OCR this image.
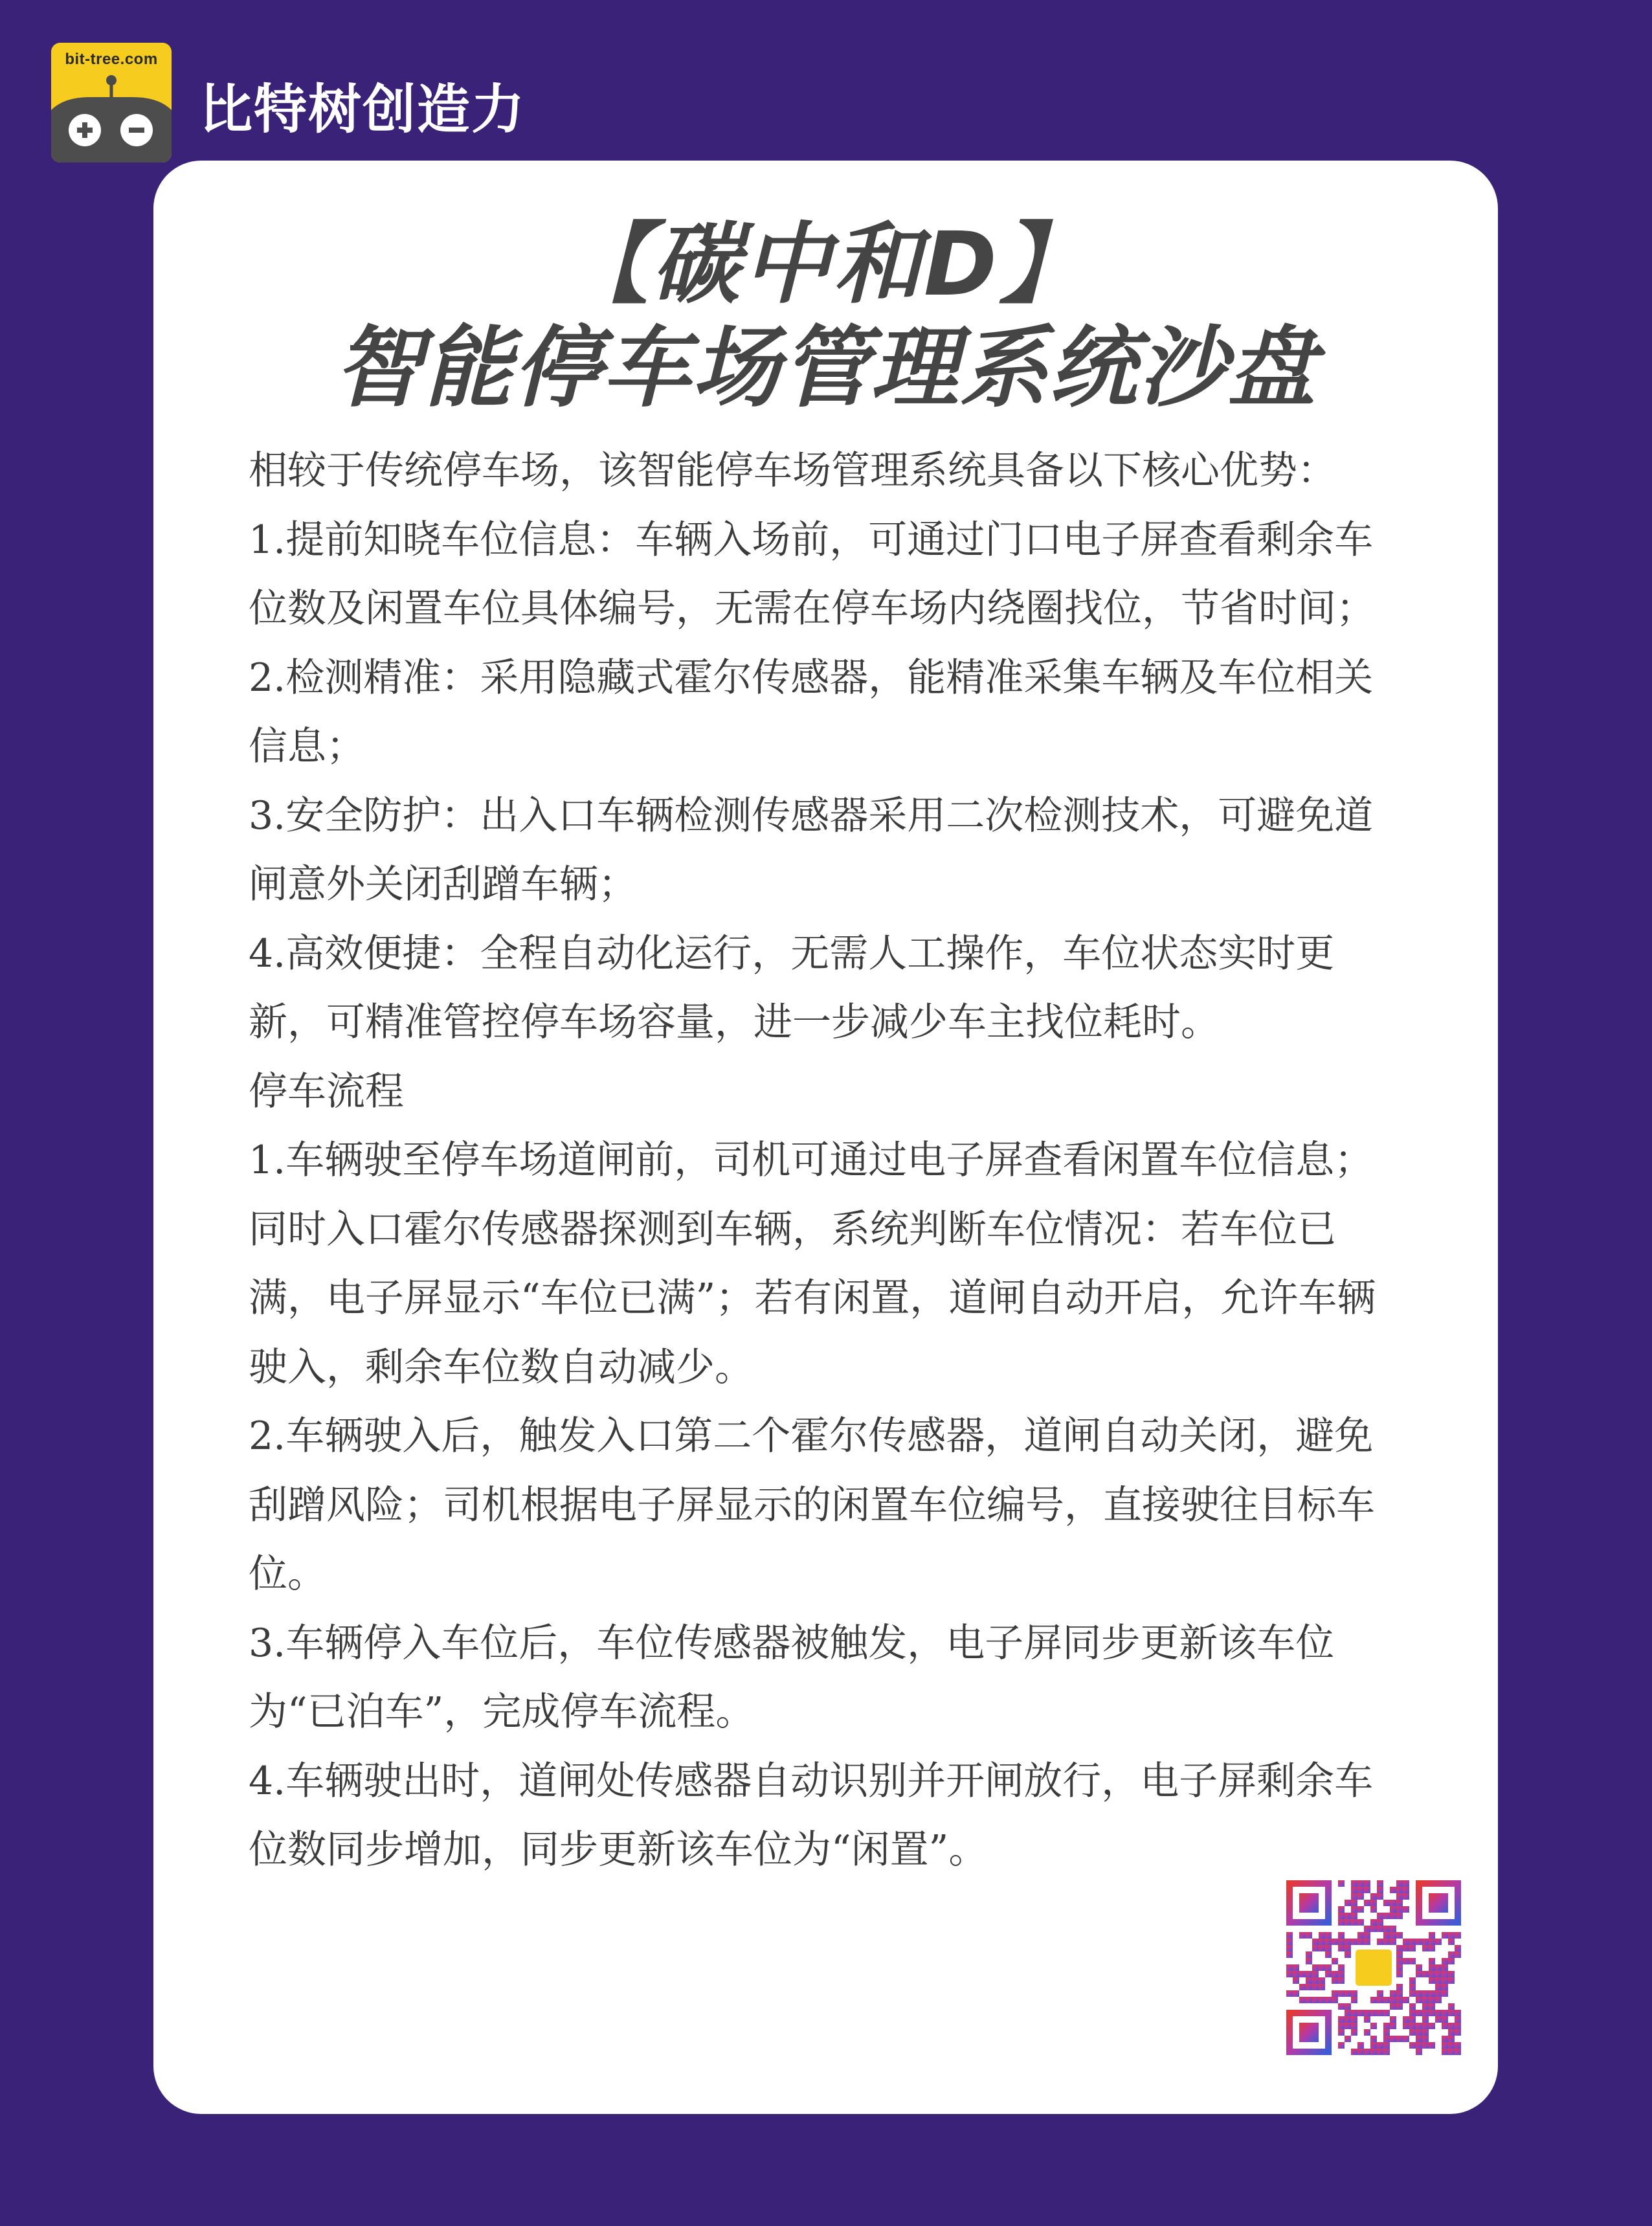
bit-tree.com
比特树创造力
【碳中和D】
智能停车场管理系统沙盘

相较于传统停车场，该智能停车场管理系统具备以下核心优势：

1.提前知晓车位信息：车辆入场前，可通过门口电子屏查看剩余车位数及闲置车位具体编号，无需在停车场内绕圈找位，节省时间；

2.检测精准：采用隐藏式霍尔传感器，能精准采集车辆及车位相关信息；

3.安全防护：出入口车辆检测传感器采用二次检测技术，可避免道闸意外关闭刮蹭车辆；

4.高效便捷：全程自动化运行，无需人工操作，车位状态实时更新，可精准管控停车场容量，进一步减少车主找位耗时。

停车流程

1.车辆驶至停车场道闸前，司机可通过电子屏查看闲置车位信息；同时入口霍尔传感器探测到车辆，系统判断车位情况：若车位已满，电子屏显示“车位已满”；若有闲置，道闸自动开启，允许车辆驶入，剩余车位数自动减少。

2.车辆驶入后，触发入口第二个霍尔传感器，道闸自动关闭，避免刮蹭风险；司机根据电子屏显示的闲置车位编号，直接驶往目标车位。

3.车辆停入车位后，车位传感器被触发，电子屏同步更新该车位为“已泊车”，完成停车流程。

4.车辆驶出时，道闸处传感器自动识别并开闸放行，电子屏剩余车位数同步增加，同步更新该车位为“闲置”。
